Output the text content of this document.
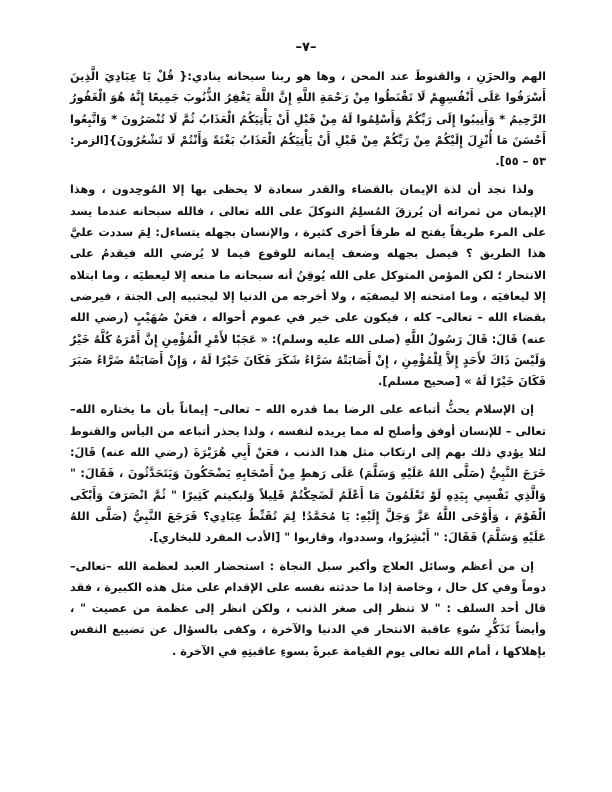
–٧–

الهم والحزَنِ ، والقنوطَ عند المحن ، وها هو ربنا سبحانه ينادي:{ قُلْ يَا عِبَادِيَ الَّذِينَ أَسْرَفُوا عَلَى أَنْفُسِهِمْ لَا تَقْنَطُوا مِنْ رَحْمَةِ اللَّهِ إِنَّ اللَّهَ يَغْفِرُ الذُّنُوبَ جَمِيعًا إِنَّهُ هُوَ الْغَفُورُ الرَّحِيمُ * وَأَنِيبُوا إِلَى رَبِّكُمْ وَأَسْلِمُوا لَهُ مِنْ قَبْلِ أَنْ يَأْتِيَكُمُ الْعَذَابُ ثُمَّ لَا تُنْصَرُونَ * وَاتَّبِعُوا أَحْسَنَ مَا أُنْزِلَ إِلَيْكُمْ مِنْ رَبِّكُمْ مِنْ قَبْلِ أَنْ يَأْتِيَكُمُ الْعَذَابُ بَغْتَةً وَأَنْتُمْ لَا تَشْعُرُونَ}[الزمر: ٥٣ – ٥٥].

ولذا نجد أن لذة الإيمان بالقضاء والقدر سعادة لا يحظى بها إلا المُوحِدون ، وهذا الإيمان من ثمراته أن يُرزقَ المُسلِمُ التوكلَ على الله تعالى ، فالله سبحانه عندما يسد على المرء طريقاً يفتح له طرقاً أخرى كثيرة ، والإنسان بجهله يتساءل: لِمَ سددت عليَّ هذا الطريق ؟ فيصل بجهله وضعف إيمانه للوقوع فيما لا يُرضي الله فيقدمُ على الانتحار ؛ لكن المؤمن المتوكل على الله يُوقِنُ أنه سبحانه ما منعه إلا ليعطيَه ، وما ابتلاه إلا ليعافيَه ، وما امتحنه إلا ليصفيَه ، ولا أخرجه من الدنيا إلا ليجتبيه إلى الجنة ، فيرضى بقضاء الله – تعالى– كله ، فيكون على خير في عموم أحواله ، فعَنْ صُهَيْبٍ (رضي الله عنه) قَالَ: قَالَ رَسُولُ اللَّهِ (صلى الله عليه وسلم): « عَجَبًا لأَمْرِ الْمُؤْمِنِ إِنَّ أَمْرَهُ كُلَّهُ خَيْرٌ وَلَيْسَ ذَاكَ لأَحَدٍ إِلاَّ لِلْمُؤْمِنِ ، إِنْ أَصَابَتْهُ سَرَّاءُ شَكَرَ فَكَانَ خَيْرًا لَهُ ، وَإِنْ أَصَابَتْهُ ضَرَّاءُ صَبَرَ فَكَانَ خَيْرًا لَهُ » [صحيح مسلم].

إن الإسلام يحثُّ أتباعه على الرضا بما قدره الله – تعالى– إيماناً بأن ما يختاره الله– تعالى – للإنسان أوفق وأصلح له مما يريده لنفسه ، ولذا يحذر أتباعه من اليأس والقنوط لئلا يؤدي ذلك بهم إلى ارتكاب مثل هذا الذنب ، فعَنْ أَبِي هُرَيْرَةَ (رضي الله عنه) قَالَ: خَرَجَ النَّبِيُّ (صَلَّى اللهُ عَلَيْهِ وَسَلَّمَ) عَلَى رَهطٍ مِنْ أَصْحَابِهِ يَضْحَكُونَ وَيَتَحَدَّثُونَ ، فَقَالَ: " وَالَّذِي نَفْسِي بِيَدِهِ لَوْ تَعْلَمُونَ مَا أَعْلَمُ لَضَحِكْتُمْ قَلِيلاً وَلبكيتم كَثِيرًا " ثُمَّ انْصَرَفَ وَأَبْكَى الْقَوْمَ ، وَأَوْحَى اللَّهُ عَزَّ وَجَلَّ إِلَيْهِ: يَا مُحَمَّدُ! لِمَ تُقَنِّطُ عِبَادِي؟ فَرَجَعَ النَّبِيُّ (صَلَّى اللهُ عَلَيْهِ وَسَلَّمَ) فَقَالَ: " أَبْشِرُوا، وسددوا، وقاربوا " [الأدب المفرد للبخاري].

إن من أعظم وسائل العلاج وأكبر سبل النجاة : استحضار العبد لعظمة الله –تعالى– دوماً وفي كل حال ، وخاصة إذا ما حدثته نفسه على الإقدام على مثل هذه الكبيرة ، فقد قال أحد السلف : " لا تنظر إلى صغر الذنب ، ولكن انظر إلى عظمة من عصيت " ، وأيضاً تَذَكُّرِ سُوءِ عاقبة الانتحار في الدنيا والآخرة ، وكفى بالسؤال عن تضييع النفس بإهلاكها ، أمام الله تعالى يوم القيامة عبرةً بسوءِ عاقبتِهِ في الآخرة .
